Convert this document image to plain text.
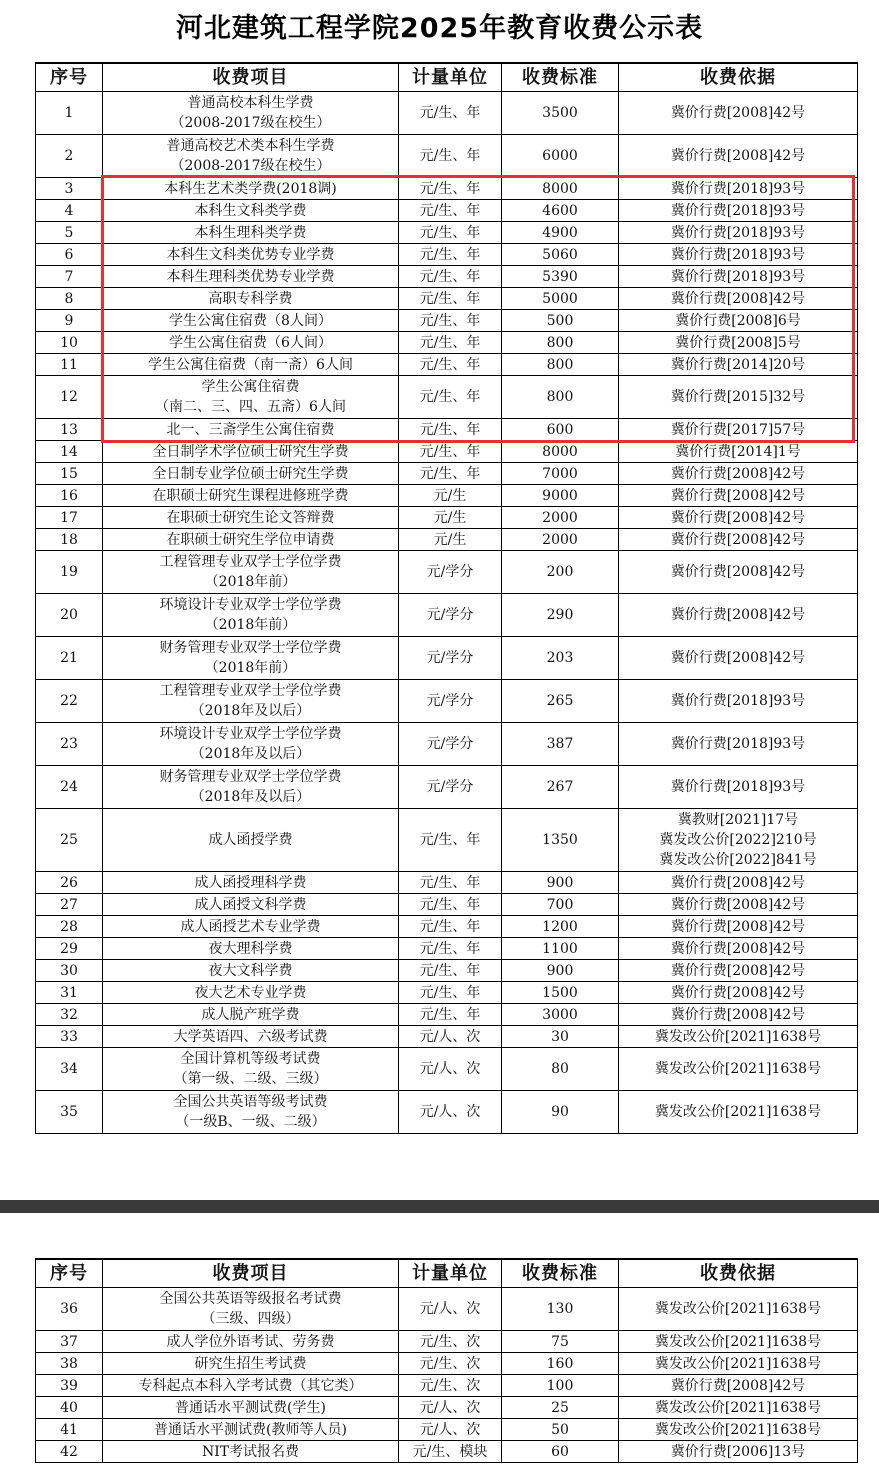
河北建筑工程学院2025年教育收费公示表
序号	收费项目	计量单位	收费标准	收费依据
1	普通高校本科生学费
（2008-2017级在校生）	元/生、年	3500	冀价行费[2008]42号

2	普通高校艺术类本科生学费
（2008-2017级在校生）	元/生、年	6000	冀价行费[2008]42号

3	本科生艺术类学费(2018调)	元/生、年	8000	冀价行费[2018]93号

4	本科生文科类学费	元/生、年	4600	冀价行费[2018]93号

5	本科生理科类学费	元/生、年	4900	冀价行费[2018]93号

6	本科生文科类优势专业学费	元/生、年	5060	冀价行费[2018]93号

7	本科生理科类优势专业学费	元/生、年	5390	冀价行费[2018]93号

8	高职专科学费	元/生、年	5000	冀价行费[2008]42号

9	学生公寓住宿费（8人间）	元/生、年	500	冀价行费[2008]6号

10	学生公寓住宿费（6人间）	元/生、年	800	冀价行费[2008]5号

11	学生公寓住宿费（南一斋）6人间	元/生、年	800	冀价行费[2014]20号

12	学生公寓住宿费
（南二、三、四、五斋）6人间	元/生、年	800	冀价行费[2015]32号

13	北一、三斋学生公寓住宿费	元/生、年	600	冀价行费[2017]57号

14	全日制学术学位硕士研究生学费	元/生、年	8000	冀价行费[2014]1号

15	全日制专业学位硕士研究生学费	元/生、年	7000	冀价行费[2008]42号

16	在职硕士研究生课程进修班学费	元/生	9000	冀价行费[2008]42号

17	在职硕士研究生论文答辩费	元/生	2000	冀价行费[2008]42号

18	在职硕士研究生学位申请费	元/生	2000	冀价行费[2008]42号

19	工程管理专业双学士学位学费
（2018年前）	元/学分	200	冀价行费[2008]42号

20	环境设计专业双学士学位学费
（2018年前）	元/学分	290	冀价行费[2008]42号

21	财务管理专业双学士学位学费
（2018年前）	元/学分	203	冀价行费[2008]42号

22	工程管理专业双学士学位学费
（2018年及以后）	元/学分	265	冀价行费[2018]93号

23	环境设计专业双学士学位学费
（2018年及以后）	元/学分	387	冀价行费[2018]93号

24	财务管理专业双学士学位学费
（2018年及以后）	元/学分	267	冀价行费[2018]93号

25	成人函授学费	元/生、年	1350	冀教财[2021]17号
冀发改公价[2022]210号
冀发改公价[2022]841号

26	成人函授理科学费	元/生、年	900	冀价行费[2008]42号

27	成人函授文科学费	元/生、年	700	冀价行费[2008]42号

28	成人函授艺术专业学费	元/生、年	1200	冀价行费[2008]42号

29	夜大理科学费	元/生、年	1100	冀价行费[2008]42号

30	夜大文科学费	元/生、年	900	冀价行费[2008]42号

31	夜大艺术专业学费	元/生、年	1500	冀价行费[2008]42号

32	成人脱产班学费	元/生、年	3000	冀价行费[2008]42号

33	大学英语四、六级考试费	元/人、次	30	冀发改公价[2021]1638号

34	全国计算机等级考试费
（第一级、二级、三级）	元/人、次	80	冀发改公价[2021]1638号

35	全国公共英语等级考试费
（一级B、一级、二级）	元/人、次	90	冀发改公价[2021]1638号
序号	收费项目	计量单位	收费标准	收费依据
36	全国公共英语等级报名考试费
（三级、四级）	元/人、次	130	冀发改公价[2021]1638号

37	成人学位外语考试、劳务费	元/生、次	75	冀发改公价[2021]1638号

38	研究生招生考试费	元/生、次	160	冀发改公价[2021]1638号

39	专科起点本科入学考试费（其它类）	元/生、次	100	冀价行费[2008]42号

40	普通话水平测试费(学生)	元/人、次	25	冀发改公价[2021]1638号

41	普通话水平测试费(教师等人员)	元/人、次	50	冀发改公价[2021]1638号

42	NIT考试报名费	元/生、模块	60	冀价行费[2006]13号
